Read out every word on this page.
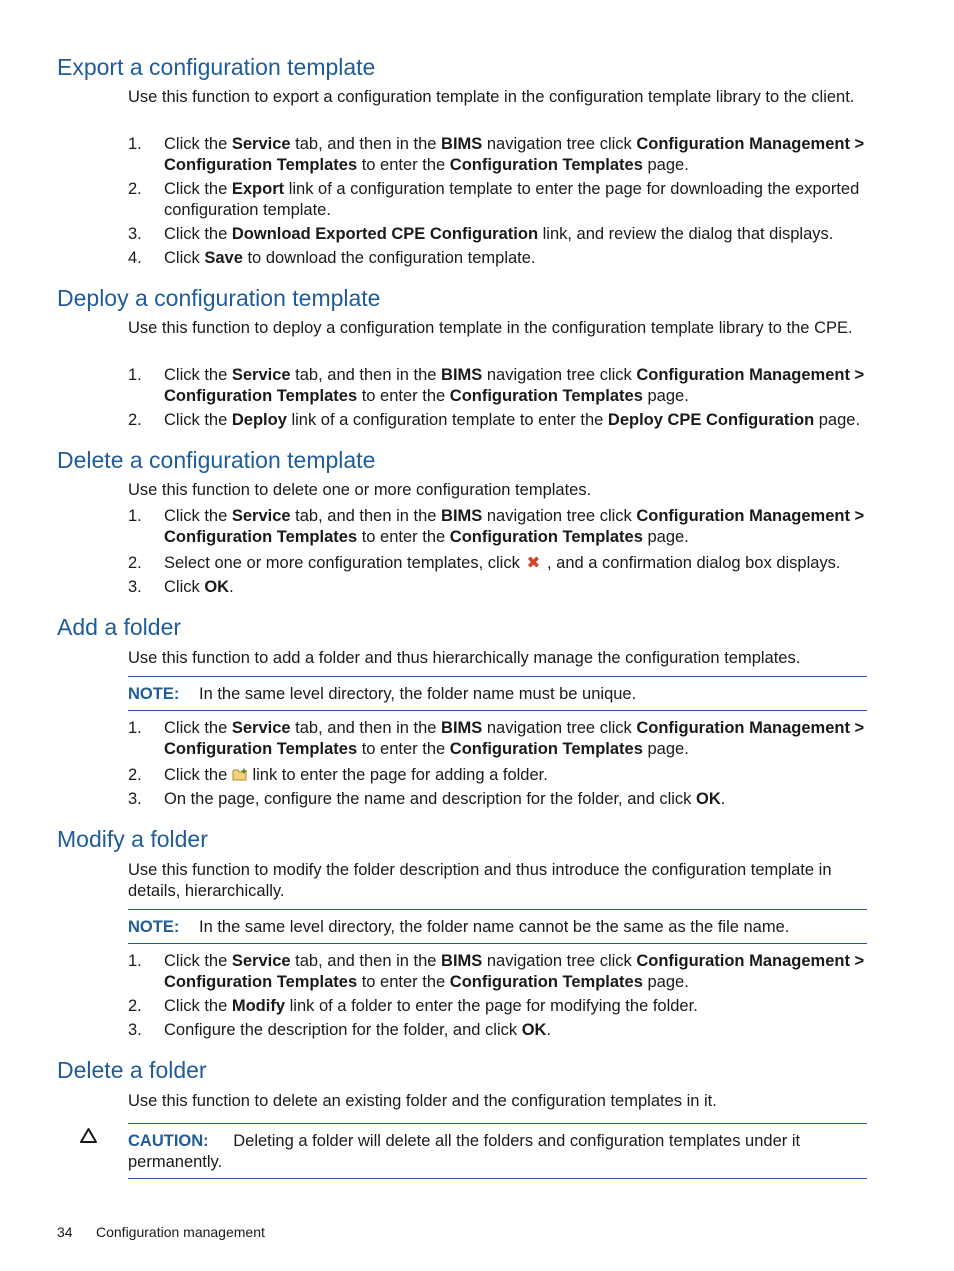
Export a configuration template

Use this function to export a configuration template in the configuration template library to the client.

1. Click the Service tab, and then in the BIMS navigation tree click Configuration Management > Configuration Templates to enter the Configuration Templates page.
2. Click the Export link of a configuration template to enter the page for downloading the exported configuration template.
3. Click the Download Exported CPE Configuration link, and review the dialog that displays.
4. Click Save to download the configuration template.
Deploy a configuration template

Use this function to deploy a configuration template in the configuration template library to the CPE.

1. Click the Service tab, and then in the BIMS navigation tree click Configuration Management > Configuration Templates to enter the Configuration Templates page.
2. Click the Deploy link of a configuration template to enter the Deploy CPE Configuration page.
Delete a configuration template

Use this function to delete one or more configuration templates.

1. Click the Service tab, and then in the BIMS navigation tree click Configuration Management > Configuration Templates to enter the Configuration Templates page.
2. Select one or more configuration templates, click ✖ , and a confirmation dialog box displays.
3. Click OK.
Add a folder

Use this function to add a folder and thus hierarchically manage the configuration templates.

NOTE: In the same level directory, the folder name must be unique.
1. Click the Service tab, and then in the BIMS navigation tree click Configuration Management > Configuration Templates to enter the Configuration Templates page.
2. Click the  link to enter the page for adding a folder.
3. On the page, configure the name and description for the folder, and click OK.
Modify a folder

Use this function to modify the folder description and thus introduce the configuration template in details, hierarchically.

NOTE: In the same level directory, the folder name cannot be the same as the file name.
1. Click the Service tab, and then in the BIMS navigation tree click Configuration Management > Configuration Templates to enter the Configuration Templates page.
2. Click the Modify link of a folder to enter the page for modifying the folder.
3. Configure the description for the folder, and click OK.
Delete a folder

Use this function to delete an existing folder and the configuration templates in it.

CAUTION: Deleting a folder will delete all the folders and configuration templates under it permanently.
34 Configuration management
